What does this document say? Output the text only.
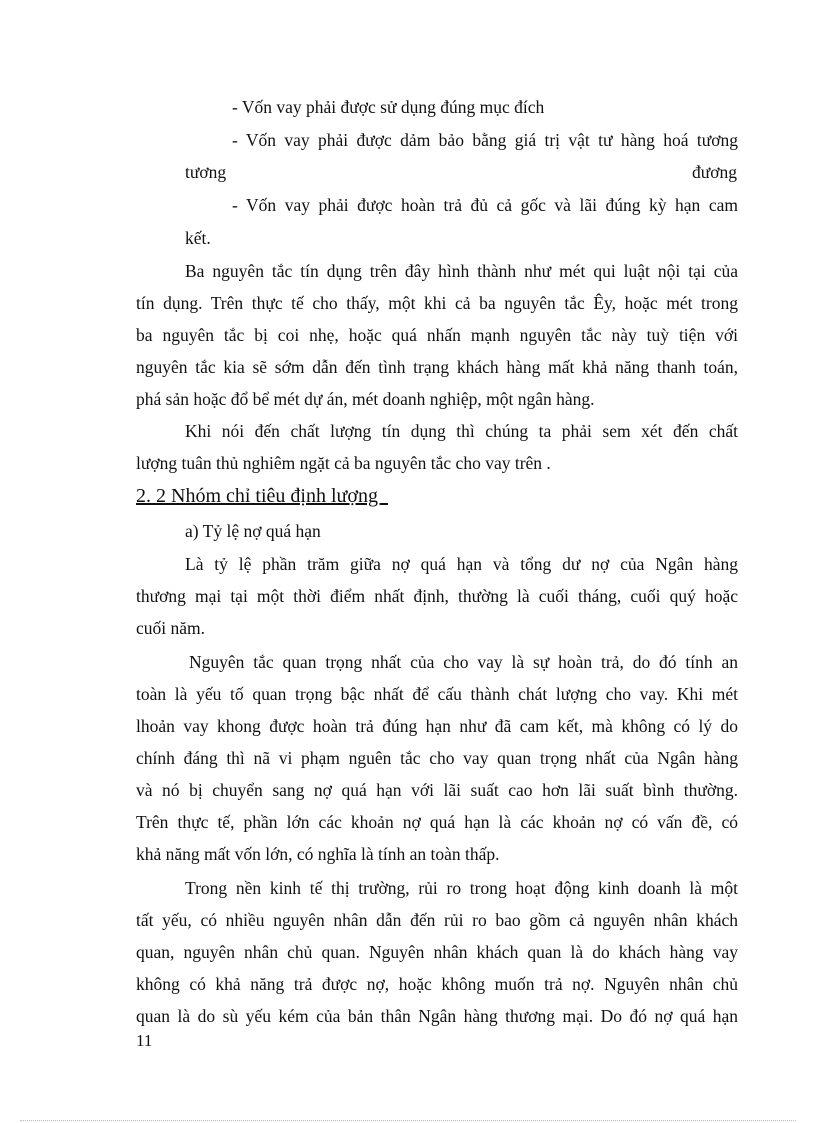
- Vốn vay phải được sử dụng đúng mục đích
- Vốn vay phải được dảm bảo bằng giá trị vật tư hàng hoá tương
tương	đương
- Vốn vay phải được hoàn trả đủ cả gốc và lãi đúng kỳ hạn cam
kết.
Ba nguyên tắc tín dụng trên đây hình thành như mét qui luật nội tại của
tín dụng. Trên thực tế cho thấy, một khi cả ba nguyên tắc Êy, hoặc mét trong
ba nguyên tắc bị coi nhẹ, hoặc quá nhấn mạnh nguyên tắc này tuỳ tiện với
nguyên tắc kia sẽ sớm dẫn đến tình trạng khách hàng mất khả năng thanh toán,
phá sản hoặc đổ bể mét dự án, mét doanh nghiệp, một ngân hàng.
Khi nói đến chất lượng tín dụng thì chúng ta phải sem xét đến chất
lượng tuân thủ nghiêm ngặt cả ba nguyên tắc cho vay trên .
2. 2 Nhóm chỉ tiêu định lượng
a) Tỷ lệ nợ quá hạn
Là tỷ lệ phần trăm giữa nợ quá hạn và tổng dư nợ của Ngân hàng
thương mại tại một thời điểm nhất định, thường là cuối tháng, cuối quý hoặc
cuối năm.
Nguyên tắc quan trọng nhất của cho vay là sự hoàn trả, do đó tính an
toàn là yếu tố quan trọng bậc nhất để cấu thành chát lượng cho vay. Khi mét
lhoản vay khong được hoàn trả đúng hạn như đã cam kết, mà không có lý do
chính đáng thì nã vi phạm nguên tắc cho vay quan trọng nhất của Ngân hàng
và nó bị chuyển sang nợ quá hạn với lãi suất cao hơn lãi suất bình thường.
Trên thực tế, phần lớn các khoản nợ quá hạn là các khoản nợ có vấn đề, có
khả năng mất vốn lớn, có nghĩa là tính an toàn thấp.
Trong nền kinh tế thị trường, rủi ro trong hoạt động kinh doanh là một
tất yếu, có nhiều nguyên nhân dẫn đến rủi ro bao gồm cả nguyên nhân khách
quan, nguyên nhân chủ quan. Nguyên nhân khách quan là do khách hàng vay
không có khả năng trả được nợ, hoặc không muốn trả nợ. Nguyên nhân chủ
quan là do sù yếu kém của bản thân Ngân hàng thương mại. Do đó nợ quá hạn
11
